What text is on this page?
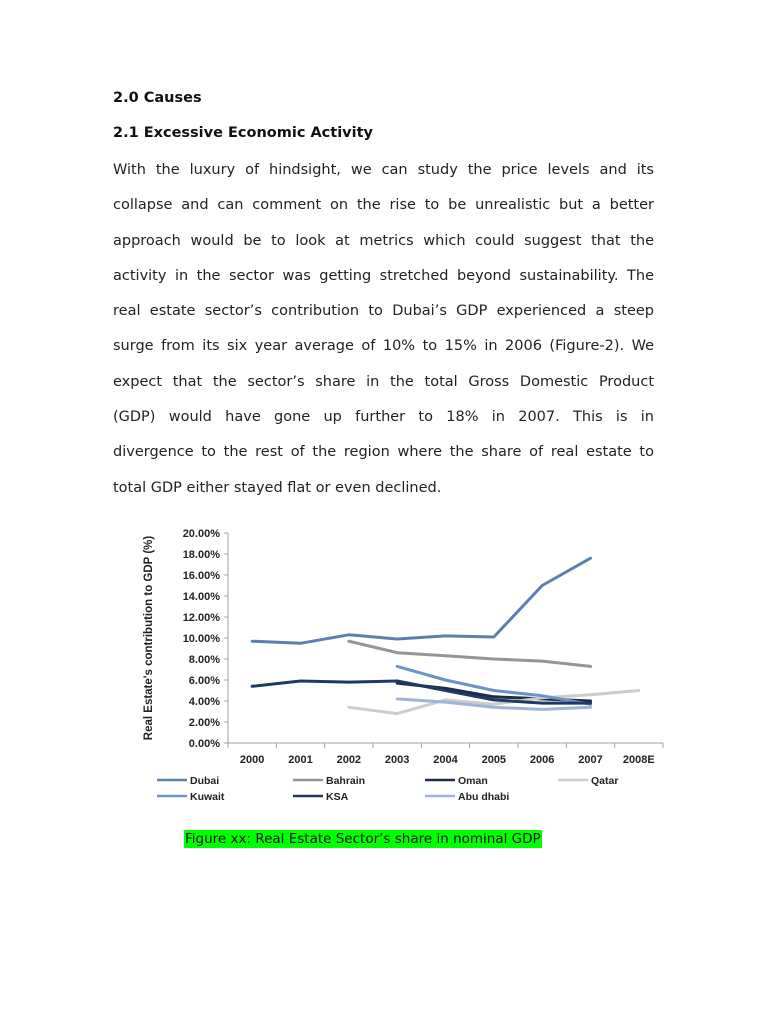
2.0 Causes
2.1 Excessive Economic Activity

With the luxury of hindsight, we can study the price levels and its
collapse and can comment on the rise to be unrealistic but a better
approach would be to look at metrics which could suggest that the
activity in the sector was getting stretched beyond sustainability. The
real estate sector’s contribution to Dubai’s GDP experienced a steep
surge from its six year average of 10% to 15% in 2006 (Figure-2). We
expect that the sector’s share in the total Gross Domestic Product
(GDP) would have gone up further to 18% in 2007. This is in
divergence to the rest of the region where the share of real estate to
total GDP either stayed flat or even declined.

0.00%
2.00%
4.00%
6.00%
8.00%
10.00%
12.00%
14.00%
16.00%
18.00%
20.00%
2000 2001 2002 2003 2004 2005 2006 2007 2008E
Real Estate's contribution to GDP (%)
Dubai	Bahrain	Oman	Qatar
Kuwait	KSA	Abu dhabi

Figure xx: Real Estate Sector’s share in nominal GDP
